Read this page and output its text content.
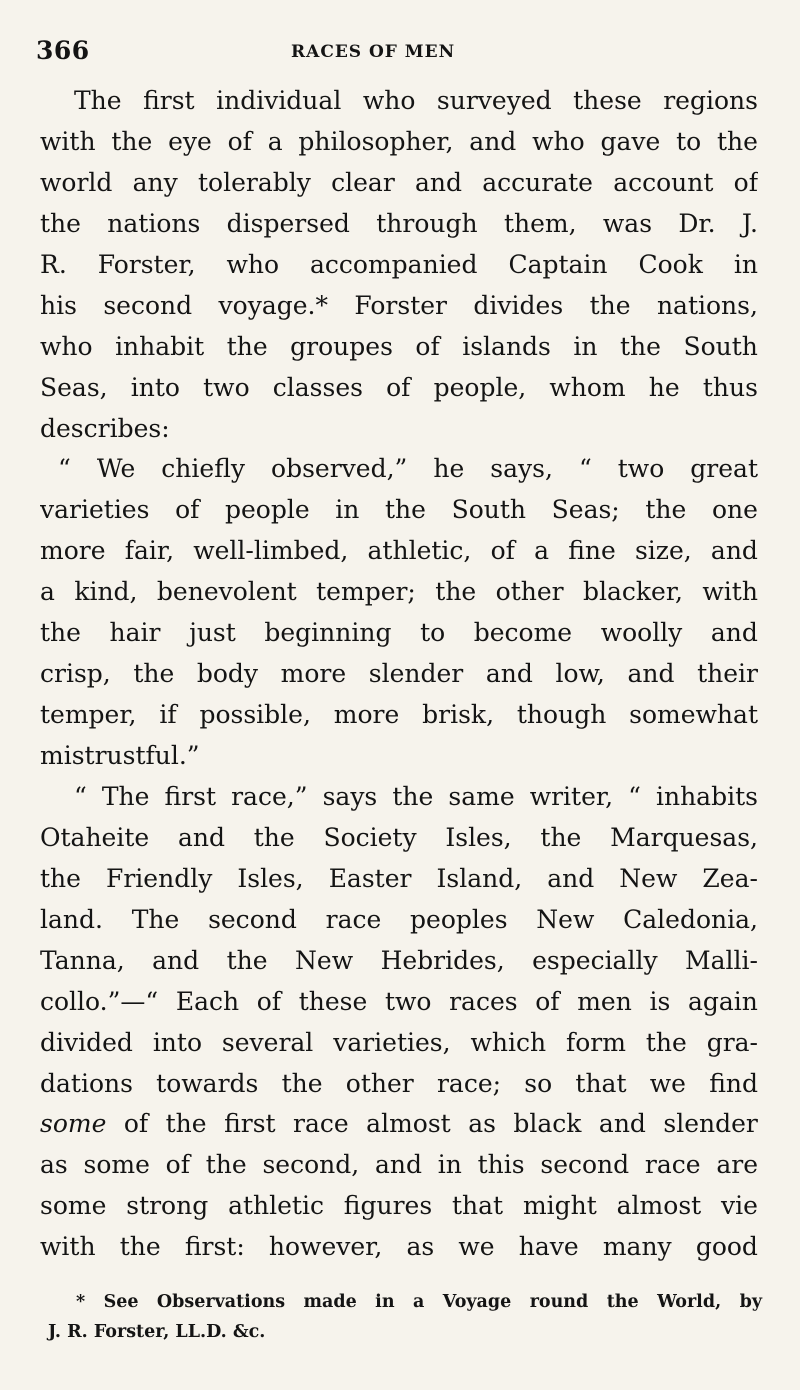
366	RACES OF MEN
The first individual who surveyed these regions
with the eye of a philosopher, and who gave to the
world any tolerably clear and accurate account of
the nations dispersed through them, was Dr. J.
R. Forster, who accompanied Captain Cook in
his second voyage.* Forster divides the nations,
who inhabit the groupes of islands in the South
Seas, into two classes of people, whom he thus
describes:
“ We chiefly observed,” he says, “ two great
varieties of people in the South Seas; the one
more fair, well-limbed, athletic, of a fine size, and
a kind, benevolent temper; the other blacker, with
the hair just beginning to become woolly and
crisp, the body more slender and low, and their
temper, if possible, more brisk, though somewhat
mistrustful.”
“ The first race,” says the same writer, “ inhabits
Otaheite and the Society Isles, the Marquesas,
the Friendly Isles, Easter Island, and New Zea-
land. The second race peoples New Caledonia,
Tanna, and the New Hebrides, especially Malli-
collo.”—“ Each of these two races of men is again
divided into several varieties, which form the gra-
dations towards the other race; so that we find
some of the first race almost as black and slender
as some of the second, and in this second race are
some strong athletic figures that might almost vie
with the first: however, as we have many good
* See Observations made in a Voyage round the World, by
J. R. Forster, LL.D. &c.
